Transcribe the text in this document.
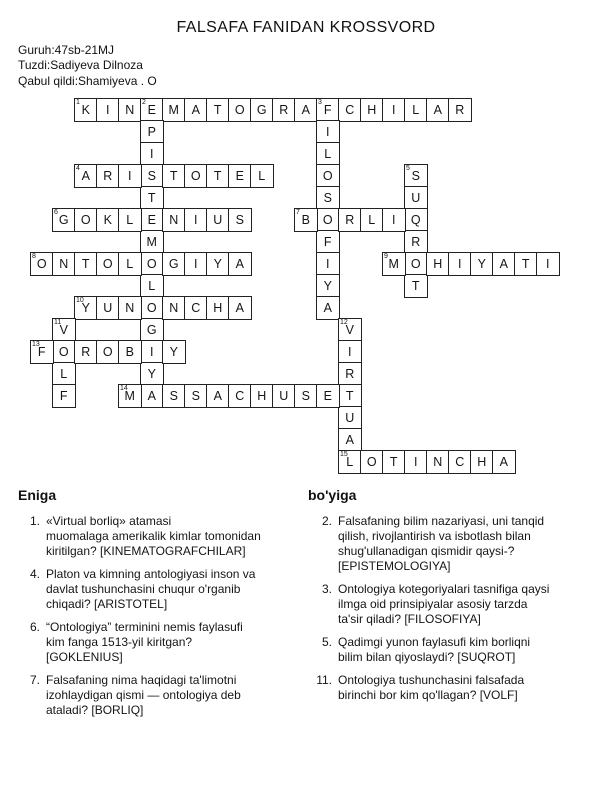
FALSAFA FANIDAN KROSSVORD
Guruh:47sb-21MJ
Tuzdi:Sadiyeva Dilnoza
Qabul qildi:Shamiyeva . O
1
K	I	N
2
E	M	A	T	O G	R	A
3
F	C	H	I	L	A	R
P
I
S
T
E
M
O
L
O
G
I
Y
A
I
L
O
S
O
F
I
Y
A
4
A	R	I	T	O	T	E	L
5
S
U
Q
R
O
T
6
G O	K	L	N	I	U	S
7
B	R	L	I
8
O	N	T	O	L	G	I	Y	A
9
M	H	I	Y	A	T	I
10
Y	U	N	N	C	H	A
11
V
O
L
F
12
V
I
R
T
U
A
15
L
13
F	R	O	B	Y
14
M	S	S	A	C	H	U	S	E
O	T	I	N	C	H	A
Eniga
1. «Virtual borliq» atamasi
muomalaga amerikalik kimlar tomonidan
kiritilgan? [KINEMATOGRAFCHILAR]
4. Platon va kimning antologiyasi inson va
davlat tushunchasini chuqur o'rganib
chiqadi? [ARISTOTEL]
6. “Ontologiya” terminini nemis faylasufi
kim fanga 1513-yil kiritgan?
[GOKLENIUS]
7. Falsafaning nima haqidagi ta'limotni
izohlaydigan qismi — ontologiya deb
ataladi? [BORLIQ]
bo'yiga
2. Falsafaning bilim nazariyasi, uni tanqid
qilish, rivojlantirish va isbotlash bilan
shug'ullanadigan qismidir qaysi-?
[EPISTEMOLOGIYA]
3. Ontologiya kotegoriyalari tasnifiga qaysi
ilmga oid prinsipiyalar asosiy tarzda
ta'sir qiladi? [FILOSOFIYA]
5. Qadimgi yunon faylasufi kim borliqni
bilim bilan qiyoslaydi? [SUQROT]
11. Ontologiya tushunchasini falsafada
birinchi bor kim qo'llagan? [VOLF]
